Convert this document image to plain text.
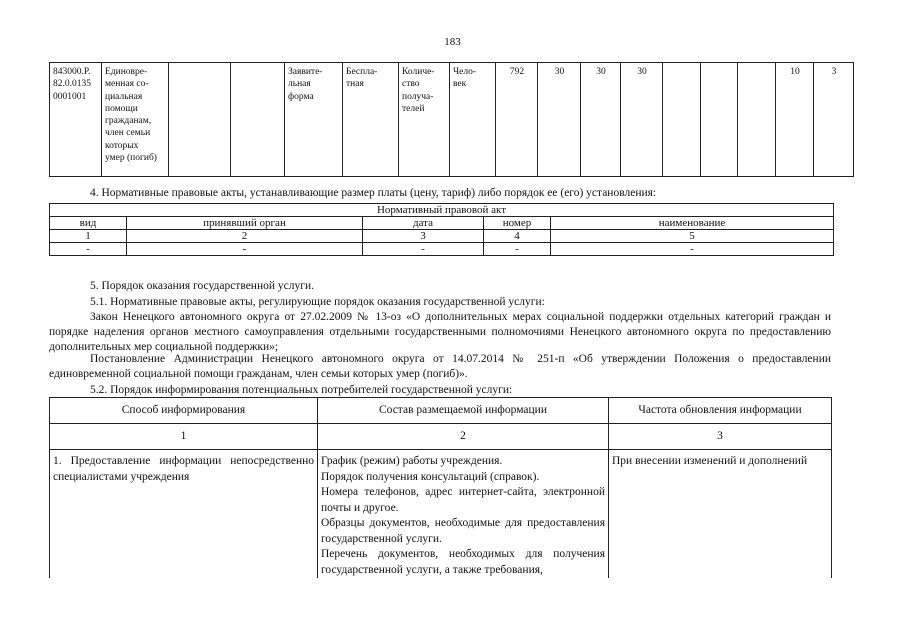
183
843000.Р.
82.0.0135
0001001	Единовре-
менная со-
циальная
помощи
гражданам,
член семьи
которых
умер (погиб)			Заявите-
льная
форма	Беспла-
тная	Количе-
ство
получа-
телей	Чело-
век	792	30	30	30				10	3
4. Нормативные правовые акты, устанавливающие размер платы (цену, тариф) либо порядок ее (его) установления:
Нормативный правовой акт				
вид	принявший орган	дата	номер	наименование
1	2	3	4	5
-	-	-	-	-
5. Порядок оказания государственной услуги.
5.1. Нормативные правовые акты, регулирующие порядок оказания государственной услуги:

Закон Ненецкого автономного округа от 27.02.2009 № 13-оз «О дополнительных мерах социальной поддержки отдельных категорий граждан и порядке наделения органов местного самоуправления отдельными государственными полномочиями Ненецкого автономного округа по предоставлению дополнительных мер социальной поддержки»;

Постановление Администрации Ненецкого автономного округа от 14.07.2014 № 251-п «Об утверждении Положения о предоставлении единовременной социальной помощи гражданам, член семьи которых умер (погиб)».

5.2. Порядок информирования потенциальных потребителей государственной услуги:
Способ информирования	Состав размещаемой информации	Частота обновления информации
1	2	3

1. Предоставление информации непосредственно специалистами учреждения	График (режим) работы учреждения.

Порядок получения консультаций (справок).

Номера телефонов, адрес интернет-сайта, электронной почты и другое.

Образцы документов, необходимые для предоставления государственной услуги.

Перечень документов, необходимых для получения государственной услуги, а также требования,	При внесении изменений и дополнений
